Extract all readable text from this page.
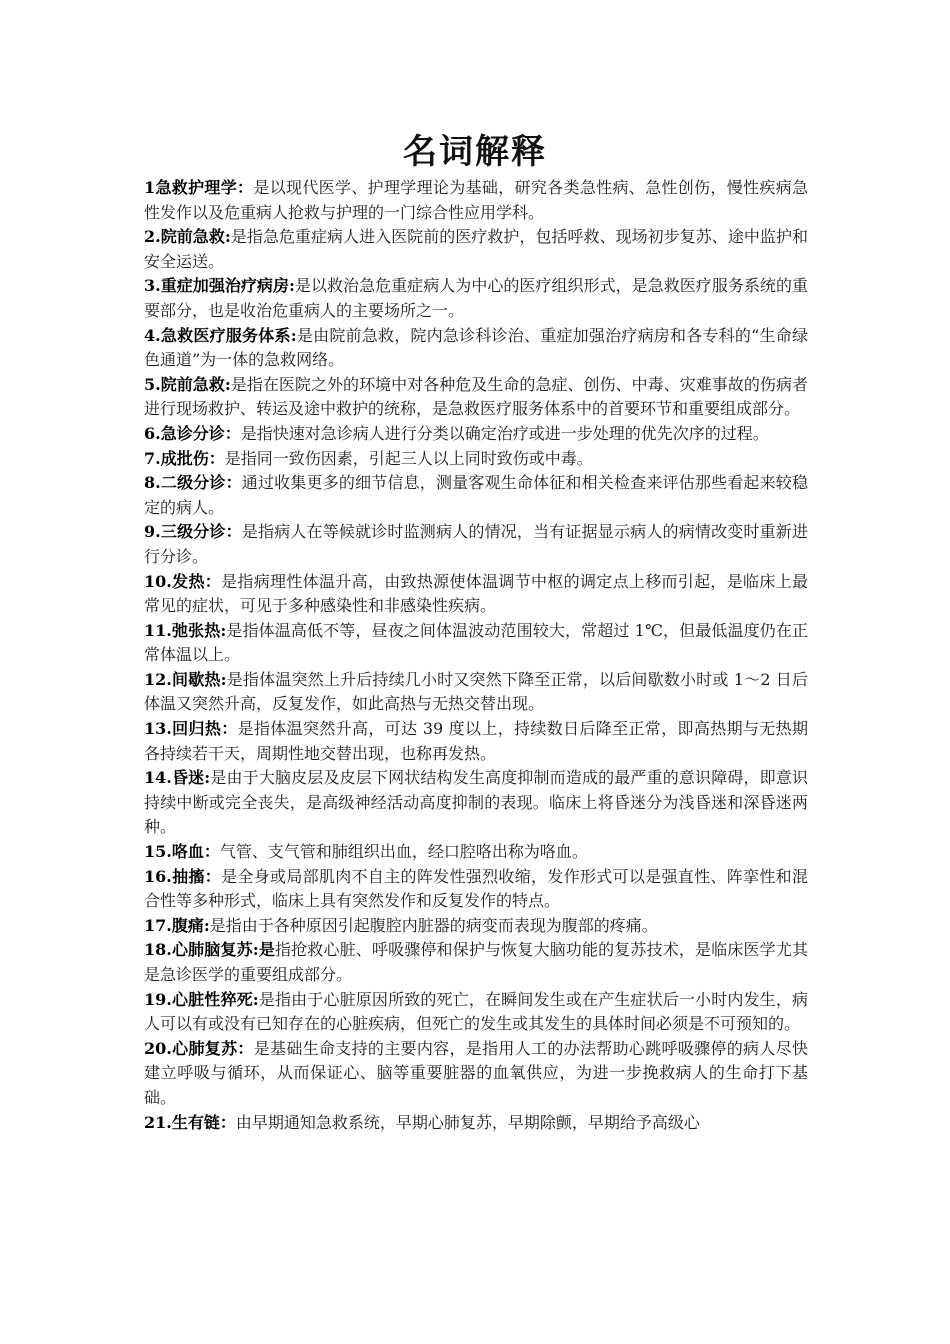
名词解释

1急救护理学：是以现代医学、护理学理论为基础，研究各类急性病、急性创伤，慢性疾病急性发作以及危重病人抢救与护理的一门综合性应用学科。

2.院前急救:是指急危重症病人进入医院前的医疗救护，包括呼救、现场初步复苏、途中监护和安全运送。

3.重症加强治疗病房:是以救治急危重症病人为中心的医疗组织形式，是急救医疗服务系统的重要部分，也是收治危重病人的主要场所之一。

4.急救医疗服务体系:是由院前急救，院内急诊科诊治、重症加强治疗病房和各专科的“生命绿色通道”为一体的急救网络。

5.院前急救:是指在医院之外的环境中对各种危及生命的急症、创伤、中毒、灾难事故的伤病者进行现场救护、转运及途中救护的统称，是急救医疗服务体系中的首要环节和重要组成部分。

6.急诊分诊：是指快速对急诊病人进行分类以确定治疗或进一步处理的优先次序的过程。

7.成批伤：是指同一致伤因素，引起三人以上同时致伤或中毒。

8.二级分诊：通过收集更多的细节信息，测量客观生命体征和相关检查来评估那些看起来较稳定的病人。

9.三级分诊：是指病人在等候就诊时监测病人的情况，当有证据显示病人的病情改变时重新进行分诊。

10.发热：是指病理性体温升高，由致热源使体温调节中枢的调定点上移而引起，是临床上最常见的症状，可见于多种感染性和非感染性疾病。

11.弛张热:是指体温高低不等，昼夜之间体温波动范围较大，常超过 1℃，但最低温度仍在正常体温以上。

12.间歇热:是指体温突然上升后持续几小时又突然下降至正常，以后间歇数小时或 1～2 日后体温又突然升高，反复发作，如此高热与无热交替出现。

13.回归热：是指体温突然升高，可达 39 度以上，持续数日后降至正常，即高热期与无热期各持续若干天，周期性地交替出现，也称再发热。

14.昏迷:是由于大脑皮层及皮层下网状结构发生高度抑制而造成的最严重的意识障碍，即意识持续中断或完全丧失，是高级神经活动高度抑制的表现。临床上将昏迷分为浅昏迷和深昏迷两种。

15.咯血：气管、支气管和肺组织出血，经口腔咯出称为咯血。

16.抽搐：是全身或局部肌肉不自主的阵发性强烈收缩，发作形式可以是强直性、阵挛性和混合性等多种形式，临床上具有突然发作和反复发作的特点。

17.腹痛:是指由于各种原因引起腹腔内脏器的病变而表现为腹部的疼痛。

18.心肺脑复苏:是指抢救心脏、呼吸骤停和保护与恢复大脑功能的复苏技术，是临床医学尤其是急诊医学的重要组成部分。

19.心脏性猝死:是指由于心脏原因所致的死亡，在瞬间发生或在产生症状后一小时内发生，病人可以有或没有已知存在的心脏疾病，但死亡的发生或其发生的具体时间必须是不可预知的。

20.心肺复苏：是基础生命支持的主要内容，是指用人工的办法帮助心跳呼吸骤停的病人尽快建立呼吸与循环，从而保证心、脑等重要脏器的血氧供应，为进一步挽救病人的生命打下基础。

21.生有链：由早期通知急救系统，早期心肺复苏，早期除颤，早期给予高级心
